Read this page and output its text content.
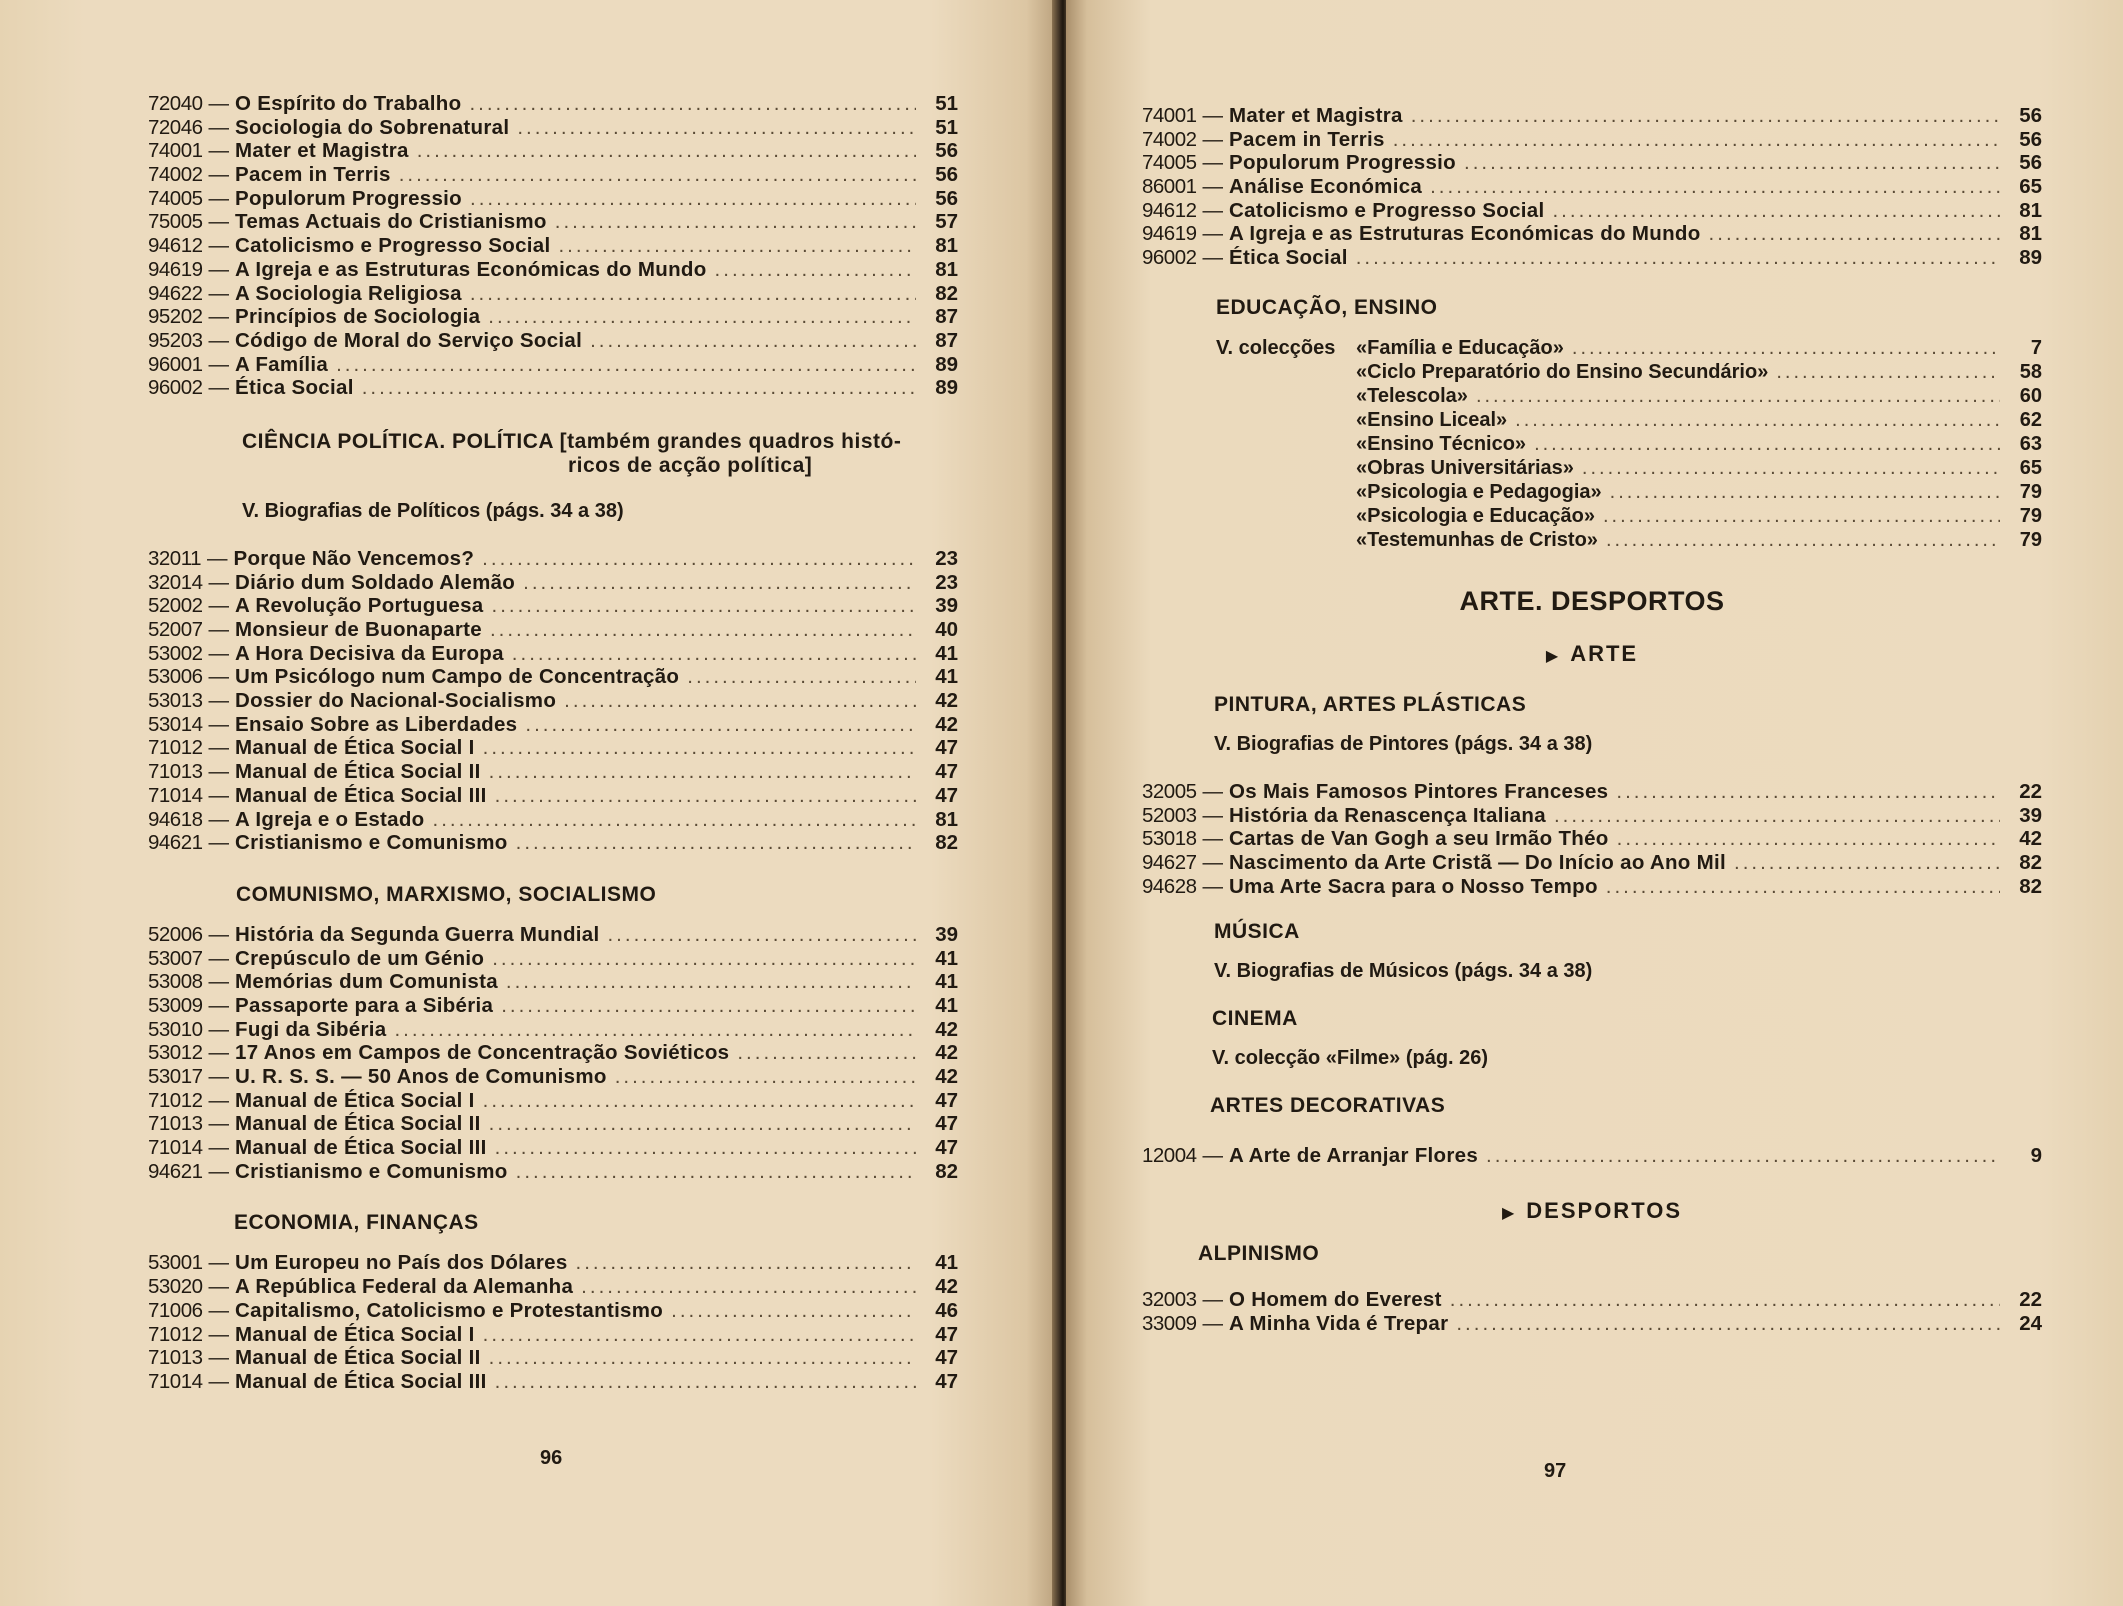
72040 — O Espírito do Trabalho .....	51
72046 — Sociologia do Sobrenatural .....	51
74001 — Mater et Magistra .....	56
74002 — Pacem in Terris .....	56
74005 — Populorum Progressio .....	56
75005 — Temas Actuais do Cristianismo .....	57
94612 — Catolicismo e Progresso Social .....	81
94619 — A Igreja e as Estruturas Económicas do Mundo .....	81
94622 — A Sociologia Religiosa .....	82
95202 — Princípios de Sociologia .....	87
95203 — Código de Moral do Serviço Social .....	87
96001 — A Família .....	89
96002 — Ética Social .....	89
CIÊNCIA POLÍTICA. POLÍTICA [também grandes quadros histó-
ricos de acção política]
V. Biografias de Políticos (págs. 34 a 38)
32011 — Porque Não Vencemos? .....	23
32014 — Diário dum Soldado Alemão .....	23
52002 — A Revolução Portuguesa .....	39
52007 — Monsieur de Buonaparte .....	40
53002 — A Hora Decisiva da Europa .....	41
53006 — Um Psicólogo num Campo de Concentração .....	41
53013 — Dossier do Nacional-Socialismo .....	42
53014 — Ensaio Sobre as Liberdades .....	42
71012 — Manual de Ética Social I .....	47
71013 — Manual de Ética Social II .....	47
71014 — Manual de Ética Social III .....	47
94618 — A Igreja e o Estado .....	81
94621 — Cristianismo e Comunismo .....	82
COMUNISMO, MARXISMO, SOCIALISMO
52006 — História da Segunda Guerra Mundial .....	39
53007 — Crepúsculo de um Génio .....	41
53008 — Memórias dum Comunista .....	41
53009 — Passaporte para a Sibéria .....	41
53010 — Fugi da Sibéria .....	42
53012 — 17 Anos em Campos de Concentração Soviéticos .....	42
53017 — U. R. S. S. — 50 Anos de Comunismo .....	42
71012 — Manual de Ética Social I .....	47
71013 — Manual de Ética Social II .....	47
71014 — Manual de Ética Social III .....	47
94621 — Cristianismo e Comunismo .....	82
ECONOMIA, FINANÇAS
53001 — Um Europeu no País dos Dólares .....	41
53020 — A República Federal da Alemanha .....	42
71006 — Capitalismo, Catolicismo e Protestantismo .....	46
71012 — Manual de Ética Social I .....	47
71013 — Manual de Ética Social II .....	47
71014 — Manual de Ética Social III .....	47
96
74001 — Mater et Magistra .....	56
74002 — Pacem in Terris .....	56
74005 — Populorum Progressio .....	56
86001 — Análise Económica .....	65
94612 — Catolicismo e Progresso Social .....	81
94619 — A Igreja e as Estruturas Económicas do Mundo .....	81
96002 — Ética Social .....	89
EDUCAÇÃO, ENSINO
V. colecções	«Família e Educação» .....	7
«Ciclo Preparatório do Ensino Secundário» .....	58
«Telescola» .....	60
«Ensino Liceal» .....	62
«Ensino Técnico» .....	63
«Obras Universitárias» .....	65
«Psicologia e Pedagogia» .....	79
«Psicologia e Educação» .....	79
«Testemunhas de Cristo» .....	79
ARTE. DESPORTOS
▶ ARTE
PINTURA, ARTES PLÁSTICAS
V. Biografias de Pintores (págs. 34 a 38)
32005 — Os Mais Famosos Pintores Franceses .....	22
52003 — História da Renascença Italiana .....	39
53018 — Cartas de Van Gogh a seu Irmão Théo .....	42
94627 — Nascimento da Arte Cristã — Do Início ao Ano Mil .....	82
94628 — Uma Arte Sacra para o Nosso Tempo .....	82
MÚSICA
V. Biografias de Músicos (págs. 34 a 38)
CINEMA
V. colecção «Filme» (pág. 26)
ARTES DECORATIVAS
12004 — A Arte de Arranjar Flores .....	9
▶ DESPORTOS
ALPINISMO
32003 — O Homem do Everest .....	22
33009 — A Minha Vida é Trepar .....	24
97
